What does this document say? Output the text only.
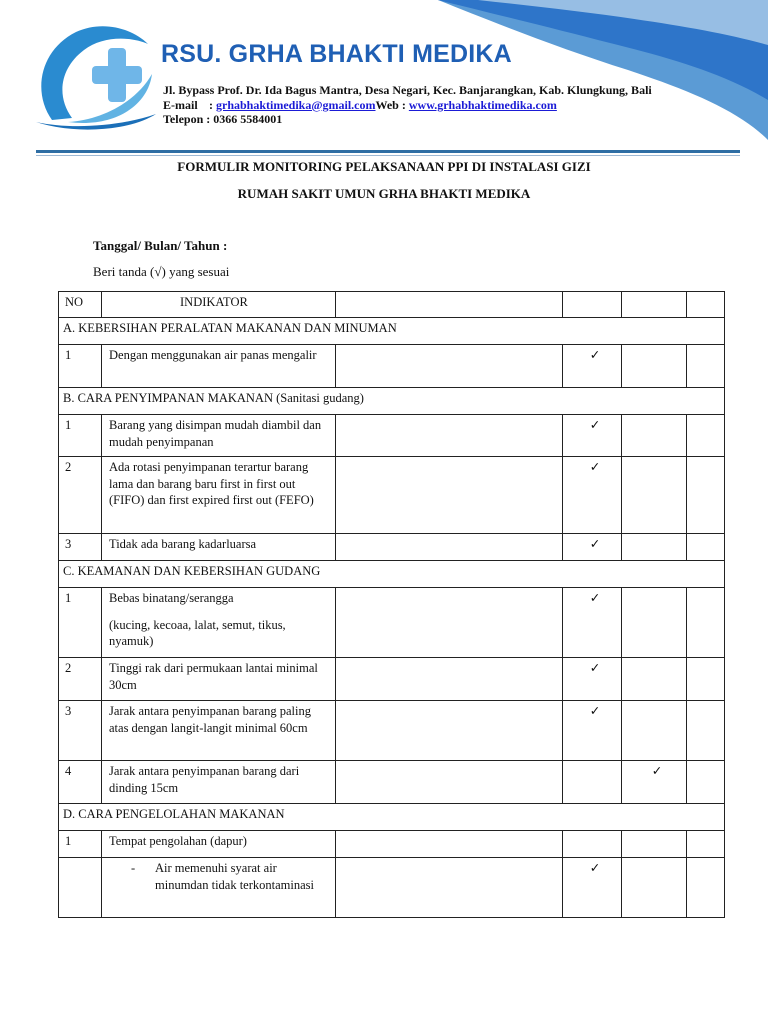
RSU. GRHA BHAKTI MEDIKA
Jl. Bypass Prof. Dr. Ida Bagus Mantra, Desa Negari, Kec. Banjarangkan, Kab. Klungkung, Bali
E-mail : grhabhaktimedika@gmail.comWeb : www.grhabhaktimedika.com
Telepon : 0366 5584001
FORMULIR MONITORING PELAKSANAAN PPI DI INSTALASI GIZI
RUMAH SAKIT UMUN GRHA BHAKTI MEDIKA
Tanggal/ Bulan/ Tahun :
Beri tanda (√) yang sesuai
NO	INDIKATOR				
A. KEBERSIHAN PERALATAN MAKANAN DAN MINUMAN					
1	Dengan menggunakan air panas mengalir		✓		
B. CARA PENYIMPANAN MAKANAN (Sanitasi gudang)					
1	Barang yang disimpan mudah diambil dan mudah penyimpanan		✓		
2	Ada rotasi penyimpanan terartur barang lama dan barang baru first in first out (FIFO) dan first expired first out (FEFO)		✓		
3	Tidak ada barang kadarluarsa		✓		
C. KEAMANAN DAN KEBERSIHAN GUDANG					
1	Bebas binatang/serangga
(kucing, kecoaa, lalat, semut, tikus, nyamuk)		✓		
2	Tinggi rak dari permukaan lantai minimal 30cm		✓		
3	Jarak antara penyimpanan barang paling atas dengan langit-langit minimal 60cm		✓		
4	Jarak antara penyimpanan barang dari dinding 15cm			✓	
D. CARA PENGELOLAHAN MAKANAN					
1	Tempat pengolahan (dapur)				

	- Air memenuhi syarat air minumdan tidak terkontaminasi		✓		
